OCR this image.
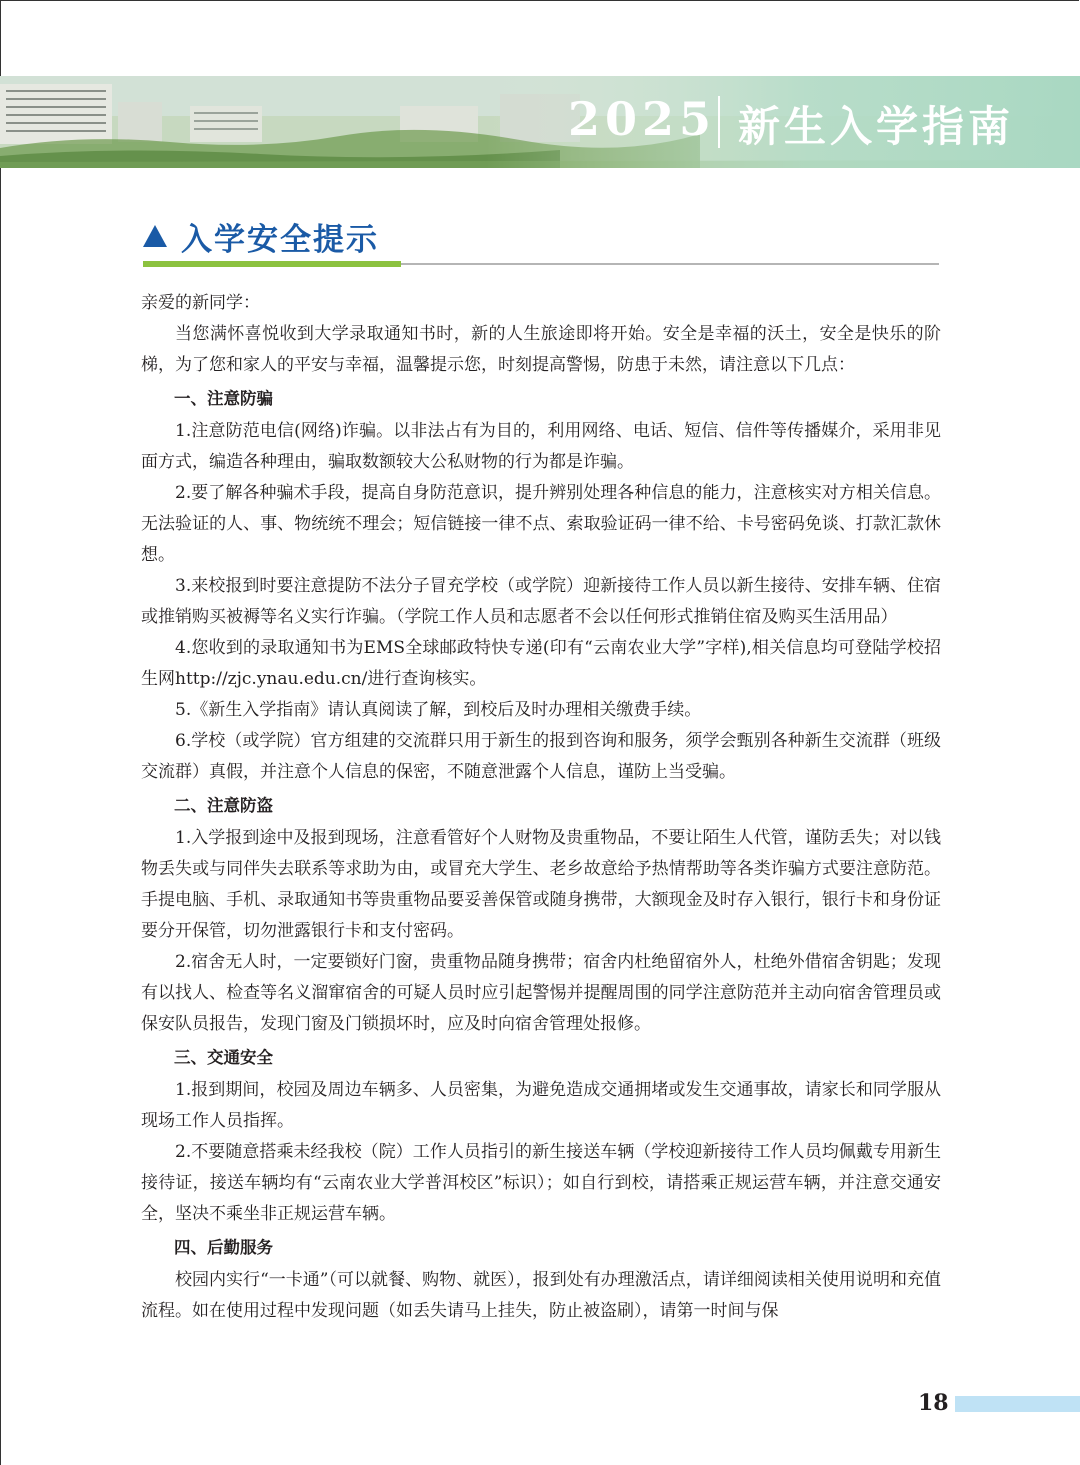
2025 新生入学指南
入学安全提示

亲爱的新同学：

当您满怀喜悦收到大学录取通知书时，新的人生旅途即将开始。安全是幸福的沃土，安全是快乐的阶梯，为了您和家人的平安与幸福，温馨提示您，时刻提高警惕，防患于未然，请注意以下几点：

一、注意防骗

1.注意防范电信(网络)诈骗。以非法占有为目的，利用网络、电话、短信、信件等传播媒介，采用非见面方式，编造各种理由，骗取数额较大公私财物的行为都是诈骗。

2.要了解各种骗术手段，提高自身防范意识，提升辨别处理各种信息的能力，注意核实对方相关信息。无法验证的人、事、物统统不理会；短信链接一律不点、索取验证码一律不给、卡号密码免谈、打款汇款休想。

3.来校报到时要注意提防不法分子冒充学校（或学院）迎新接待工作人员以新生接待、安排车辆、住宿或推销购买被褥等名义实行诈骗。（学院工作人员和志愿者不会以任何形式推销住宿及购买生活用品）

4.您收到的录取通知书为EMS全球邮政特快专递(印有“云南农业大学”字样),相关信息均可登陆学校招生网http://zjc.ynau.edu.cn/进行查询核实。

5.《新生入学指南》请认真阅读了解，到校后及时办理相关缴费手续。

6.学校（或学院）官方组建的交流群只用于新生的报到咨询和服务，须学会甄别各种新生交流群（班级交流群）真假，并注意个人信息的保密，不随意泄露个人信息，谨防上当受骗。

二、注意防盗

1.入学报到途中及报到现场，注意看管好个人财物及贵重物品，不要让陌生人代管，谨防丢失；对以钱物丢失或与同伴失去联系等求助为由，或冒充大学生、老乡故意给予热情帮助等各类诈骗方式要注意防范。手提电脑、手机、录取通知书等贵重物品要妥善保管或随身携带，大额现金及时存入银行，银行卡和身份证要分开保管，切勿泄露银行卡和支付密码。

2.宿舍无人时，一定要锁好门窗，贵重物品随身携带；宿舍内杜绝留宿外人，杜绝外借宿舍钥匙；发现有以找人、检查等名义溜窜宿舍的可疑人员时应引起警惕并提醒周围的同学注意防范并主动向宿舍管理员或保安队员报告，发现门窗及门锁损坏时，应及时向宿舍管理处报修。

三、交通安全

1.报到期间，校园及周边车辆多、人员密集，为避免造成交通拥堵或发生交通事故，请家长和同学服从现场工作人员指挥。

2.不要随意搭乘未经我校（院）工作人员指引的新生接送车辆（学校迎新接待工作人员均佩戴专用新生接待证，接送车辆均有“云南农业大学普洱校区”标识）；如自行到校，请搭乘正规运营车辆，并注意交通安全，坚决不乘坐非正规运营车辆。

四、后勤服务

校园内实行“一卡通”（可以就餐、购物、就医），报到处有办理激活点，请详细阅读相关使用说明和充值流程。如在使用过程中发现问题（如丢失请马上挂失，防止被盗刷），请第一时间与保

18
